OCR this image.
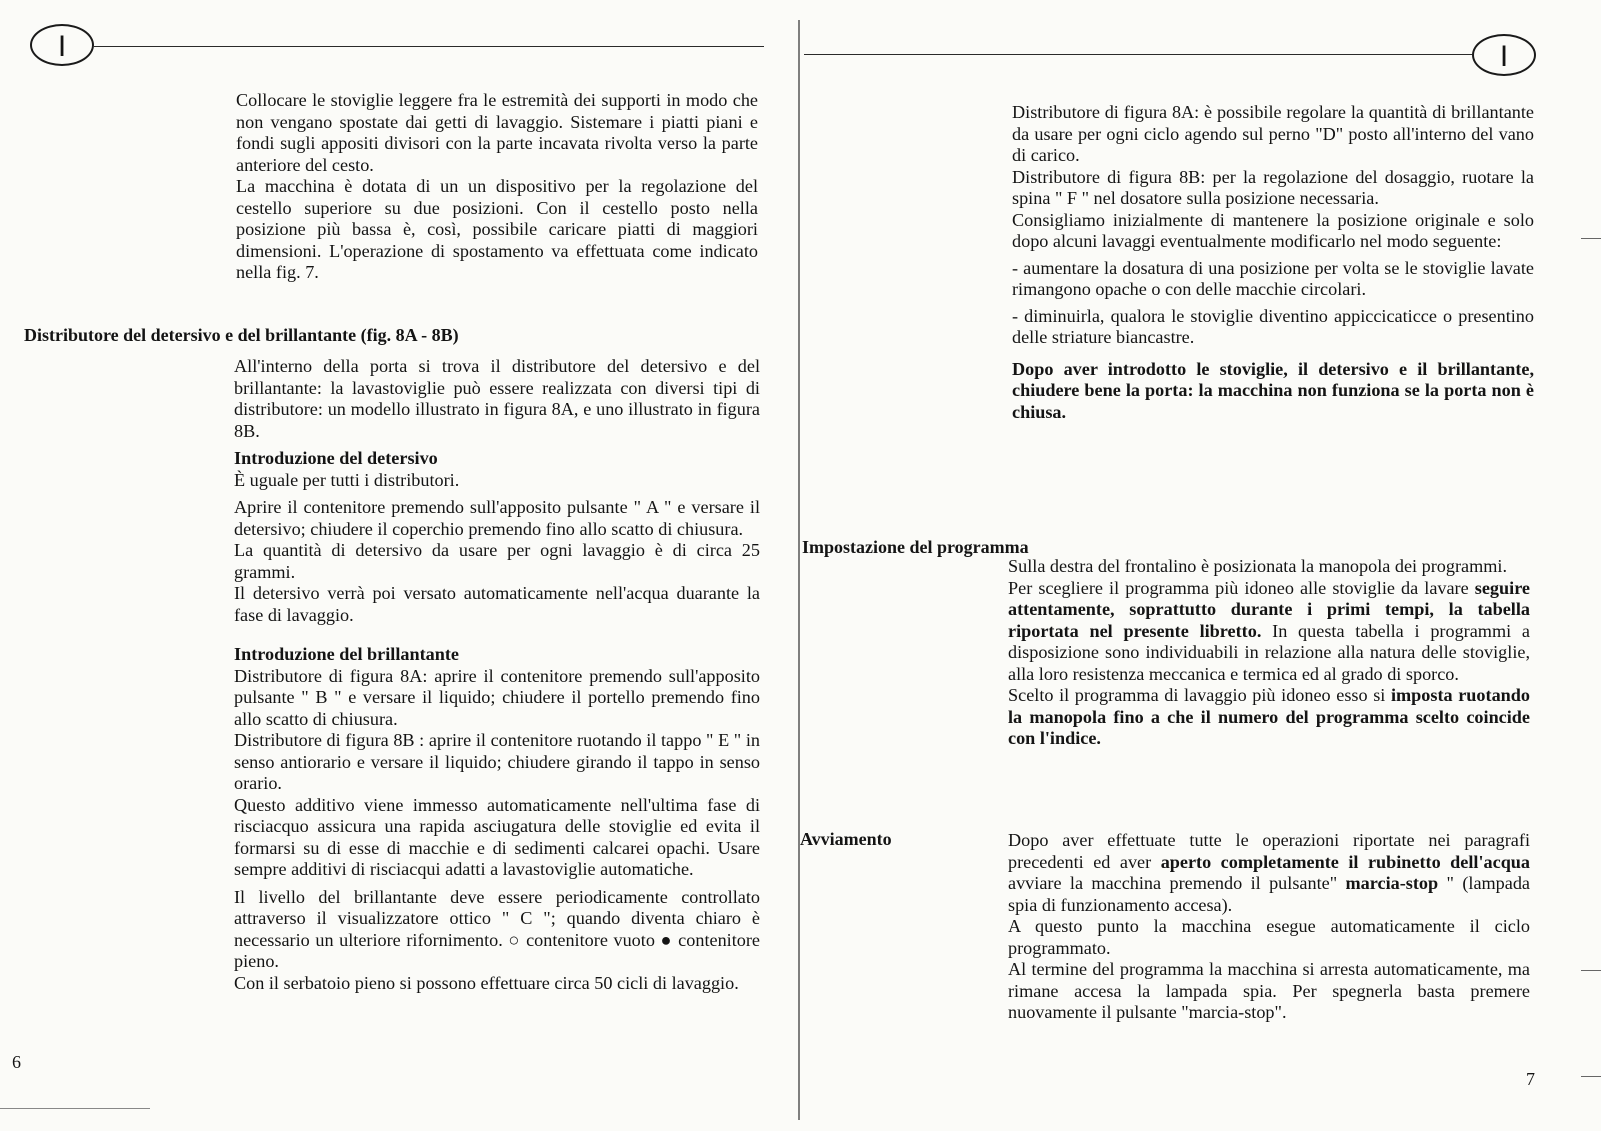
I

Collocare le stoviglie leggere fra le estremità dei supporti in modo che non vengano spostate dai getti di lavaggio. Sistemare i piatti piani e fondi sugli appositi divisori con la parte incavata rivolta verso la parte anteriore del cesto.

La macchina è dotata di un un dispositivo per la regolazione del cestello superiore su due posizioni. Con il cestello posto nella posizione più bassa è, così, possibile caricare piatti di maggiori dimensioni. L'operazione di spostamento va effettuata come indicato nella fig. 7.

Distributore del detersivo e del brillantante (fig. 8A - 8B)

All'interno della porta si trova il distributore del detersivo e del brillantante: la lavastoviglie può essere realizzata con diversi tipi di distributore: un modello illustrato in figura 8A, e uno illustrato in figura 8B.

Introduzione del detersivo

È uguale per tutti i distributori.

Aprire il contenitore premendo sull'apposito pulsante " A " e versare il detersivo; chiudere il coperchio premendo fino allo scatto di chiusura.

La quantità di detersivo da usare per ogni lavaggio è di circa 25 grammi.

Il detersivo verrà poi versato automaticamente nell'acqua duarante la fase di lavaggio.

Introduzione del brillantante

Distributore di figura 8A: aprire il contenitore premendo sull'apposito pulsante " B " e versare il liquido; chiudere il portello premendo fino allo scatto di chiusura.

Distributore di figura 8B : aprire il contenitore ruotando il tappo " E " in senso antiorario e versare il liquido; chiudere girando il tappo in senso orario.

Questo additivo viene immesso automaticamente nell'ultima fase di risciacquo assicura una rapida asciugatura delle stoviglie ed evita il formarsi su di esse di macchie e di sedimenti calcarei opachi. Usare sempre additivi di risciacqui adatti a lavastoviglie automatiche.

Il livello del brillantante deve essere periodicamente controllato attraverso il visualizzatore ottico " C "; quando diventa chiaro è necessario un ulteriore rifornimento. ○ contenitore vuoto ● contenitore pieno.

Con il serbatoio pieno si possono effettuare circa 50 cicli di lavaggio.

6
I

Distributore di figura 8A: è possibile regolare la quantità di brillantante da usare per ogni ciclo agendo sul perno "D" posto all'interno del vano di carico.

Distributore di figura 8B: per la regolazione del dosaggio, ruotare la spina " F " nel dosatore sulla posizione necessaria.

Consigliamo inizialmente di mantenere la posizione originale e solo dopo alcuni lavaggi eventualmente modificarlo nel modo seguente:

- aumentare la dosatura di una posizione per volta se le stoviglie lavate rimangono opache o con delle macchie circolari.

- diminuirla, qualora le stoviglie diventino appiccicaticce o presentino delle striature biancastre.

Dopo aver introdotto le stoviglie, il detersivo e il brillantante, chiudere bene la porta: la macchina non funziona se la porta non è chiusa.

Impostazione del programma

Sulla destra del frontalino è posizionata la manopola dei programmi.

Per scegliere il programma più idoneo alle stoviglie da lavare seguire attentamente, soprattutto durante i primi tempi, la tabella riportata nel presente libretto. In questa tabella i programmi a disposizione sono individuabili in relazione alla natura delle stoviglie, alla loro resistenza meccanica e termica ed al grado di sporco.

Scelto il programma di lavaggio più idoneo esso si imposta ruotando la manopola fino a che il numero del programma scelto coincide con l'indice.

Avviamento	Dopo aver effettuate tutte le operazioni riportate nei paragrafi precedenti ed aver aperto completamente il rubinetto dell'acqua avviare la macchina premendo il pulsante" marcia-stop " (lampada spia di funzionamento accesa).

A questo punto la macchina esegue automaticamente il ciclo programmato.

Al termine del programma la macchina si arresta automaticamente, ma rimane accesa la lampada spia. Per spegnerla basta premere nuovamente il pulsante "marcia-stop".

7
